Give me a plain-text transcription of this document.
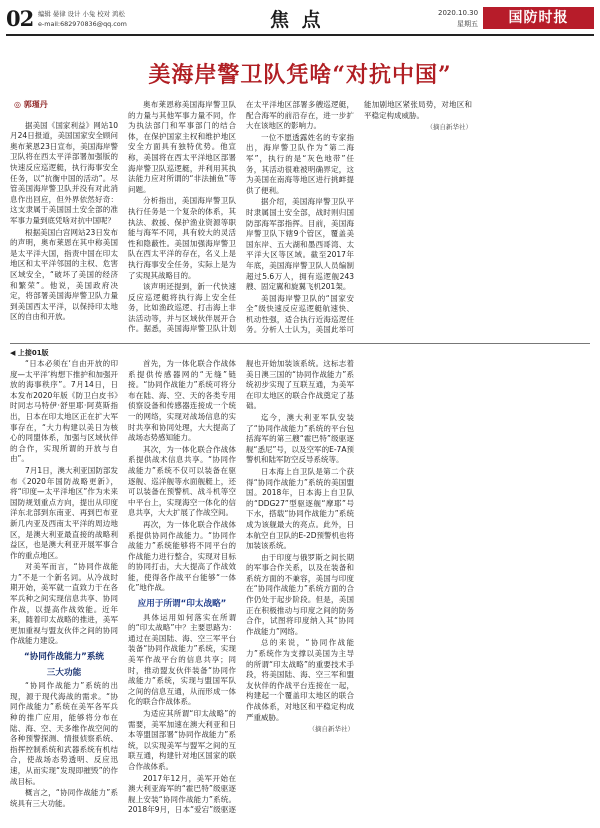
02 编辑 晏律 设计 小兔 校对 鸿松
e-mail:682970836@qq.com	焦 点	2020.10.30
星期五	国防时报
美海岸警卫队凭啥“对抗中国”
◎ 郭瑾丹

据美国《国家利益》网站10月24日报道，美国国家安全顾问奥布莱恩23日宣布，美国海岸警卫队将在西太平洋部署加强版的快速反应巡逻艇，执行海事安全任务，以“抗衡中国的活动”。尽管美国海岸警卫队并没有对此消息作出回应，但外界依然好奇：这支隶属于美国国土安全部的准军事力量到底凭啥对抗中国呢？

根据美国白宫网站23日发布的声明，奥布莱恩在其中称美国是太平洋大国，指责中国在印太地区和太平洋邻国的主权、危害区域安全，“破坏了美国的经济和繁荣”。他说，美国政府决定，将部署美国海岸警卫队力量到美国西太平洋，以保持印太地区的自由和开放。

奥布莱恩称美国海岸警卫队的力量与其他军事力量不同，作为执法部门和军事部门的结合体，在保护国家主权和维护地区安全方面具有独特优势。他宣称，美国将在西太平洋地区部署海岸警卫队巡逻艇，并利用其执法能力应对所谓的“非法捕鱼”等问题。

分析指出，美国海岸警卫队执行任务是一个复杂的体系，其执法、救援、保护渔业资源等职能与海军不同，具有较大的灵活性和隐蔽性。美国加强海岸警卫队在西太平洋的存在，名义上是执行海事安全任务，实际上是为了实现其战略目的。

该声明还提到，新一代快速反应巡逻艇将执行海上安全任务，比如渔政巡逻、打击海上非法活动等，并与区域伙伴展开合作。据悉，美国海岸警卫队计划在太平洋地区部署多艘巡逻艇，配合海军的前沿存在，进一步扩大在该地区的影响力。

一位不愿透露姓名的专家指出，海岸警卫队作为“第二海军”，执行的是“灰色地带”任务，其活动很难被明确界定，这为美国在南海等地区进行挑衅提供了便利。

据介绍，美国海岸警卫队平时隶属国土安全部，战时则归国防部海军部指挥。目前，美国海岸警卫队下辖9个管区，覆盖美国东岸、五大湖和墨西哥湾、太平洋大区等区域。截至2017年年底，美国海岸警卫队人员编制超过5.6万人，拥有巡逻舰243艘、固定翼和旋翼飞机201架。

美国海岸警卫队的“国家安全”级快速反应巡逻艇航速快、机动性强，适合执行近海巡逻任务。分析人士认为，美国此举可能加剧地区紧张局势，对地区和平稳定构成威胁。

（摘自新华社）
◀ 上接01版

“日本必须在‘自由开放的印度—太平洋’构想下推护和加强开放的海事秩序”。7月14日，日本发布2020年版《防卫白皮书》时同志马特伊·舒里耶·阿莫斯指出，日本在印太地区正在扩大军事存在，“大力构建以美日为核心的同盟体系，加强与区域伙伴的合作，实现所谓的开放与自由”。

7月1日，澳大利亚国防部发布《2020年国防战略更新》，将“印度—太平洋地区”作为未来国防规划重点方向，提出从印度洋东北部到东南亚、再到巴布亚新几内亚及西南太平洋的周边地区，是澳大利亚最直接的战略利益区，也是澳大利亚开展军事合作的重点地区。

对美军而言，“协同作战能力”不是一个新名词。从冷战时期开始，美军就一直致力于在各军兵种之间实现信息共享、协同作战，以提高作战效能。近年来，随着印太战略的推进，美军更加重视与盟友伙伴之间的协同作战能力建设。

“协同作战能力”系统
三大功能

“协同作战能力”系统的出现，源于现代海战的需求。“协同作战能力”系统在美军各军兵种的推广应用，能够将分布在陆、海、空、天多维作战空间的各种预警探测、情报侦察系统、指挥控制系统和武器系统有机结合，使战场态势透明、反应迅速，从而实现“发现即摧毁”的作战目标。

概言之，“协同作战能力”系统具有三大功能。

首先，为一体化联合作战体系提供传感器网的“无缝”链接。“协同作战能力”系统可将分布在陆、海、空、天的各类专用侦察设备和传感器连接成一个统一的网络，实现对战场信息的实时共享和协同处理，大大提高了战场态势感知能力。

其次，为一体化联合作战体系提供战术信息共享。“协同作战能力”系统不仅可以装备在驱逐舰、巡洋舰等水面舰艇上，还可以装备在预警机、战斗机等空中平台上，实现海空一体化的信息共享，大大扩展了作战空间。

再次，为一体化联合作战体系提供协同作战能力。“协同作战能力”系统能够将不同平台的作战能力进行整合，实现对目标的协同打击，大大提高了作战效能，使得各作战平台能够“一体化”地作战。

应用于所谓“印太战略”

具体运用如何落实在所谓的“印太战略”中？主要思路为：通过在美国陆、海、空三军平台装备“协同作战能力”系统，实现美军作战平台的信息共享；同时，推动盟友伙伴装备“协同作战能力”系统，实现与盟国军队之间的信息互通，从而形成一体化的联合作战体系。

为适应其所谓“印太战略”的需要，美军加速在澳大利亚和日本等盟国部署“协同作战能力”系统，以实现美军与盟军之间的互联互通，构建针对地区国家的联合作战体系。

2017年12月，美军开始在澳大利亚海军的“霍巴特”级驱逐舰上安装“协同作战能力”系统。2018年9月，日本“爱宕”级驱逐舰也开始加装该系统。这标志着美日澳三国的“协同作战能力”系统初步实现了互联互通，为美军在印太地区的联合作战奠定了基础。

迄今，澳大利亚军队安装了“协同作战能力”系统的平台包括海军的第三艘“霍巴特”级驱逐舰“悉尼”号，以及空军的E-7A预警机和陆军防空反导系统等。

日本海上自卫队是第二个获得“协同作战能力”系统的美国盟国。2018年，日本海上自卫队的“DDG27”型驱逐舰“摩耶”号下水，搭载“协同作战能力”系统成为该舰最大的亮点。此外，日本航空自卫队的E-2D预警机也将加装该系统。

由于印度与俄罗斯之间长期的军事合作关系，以及在装备和系统方面的不兼容，美国与印度在“协同作战能力”系统方面的合作仍处于起步阶段。但是，美国正在积极推动与印度之间的防务合作，试图将印度纳入其“协同作战能力”网络。

总的来说，“协同作战能力”系统作为支撑以美国为主导的所谓“印太战略”的重要技术手段，将美国陆、海、空三军和盟友伙伴的作战平台连接在一起，构建起一个覆盖印太地区的联合作战体系，对地区和平稳定构成严重威胁。

（摘自新华社）
